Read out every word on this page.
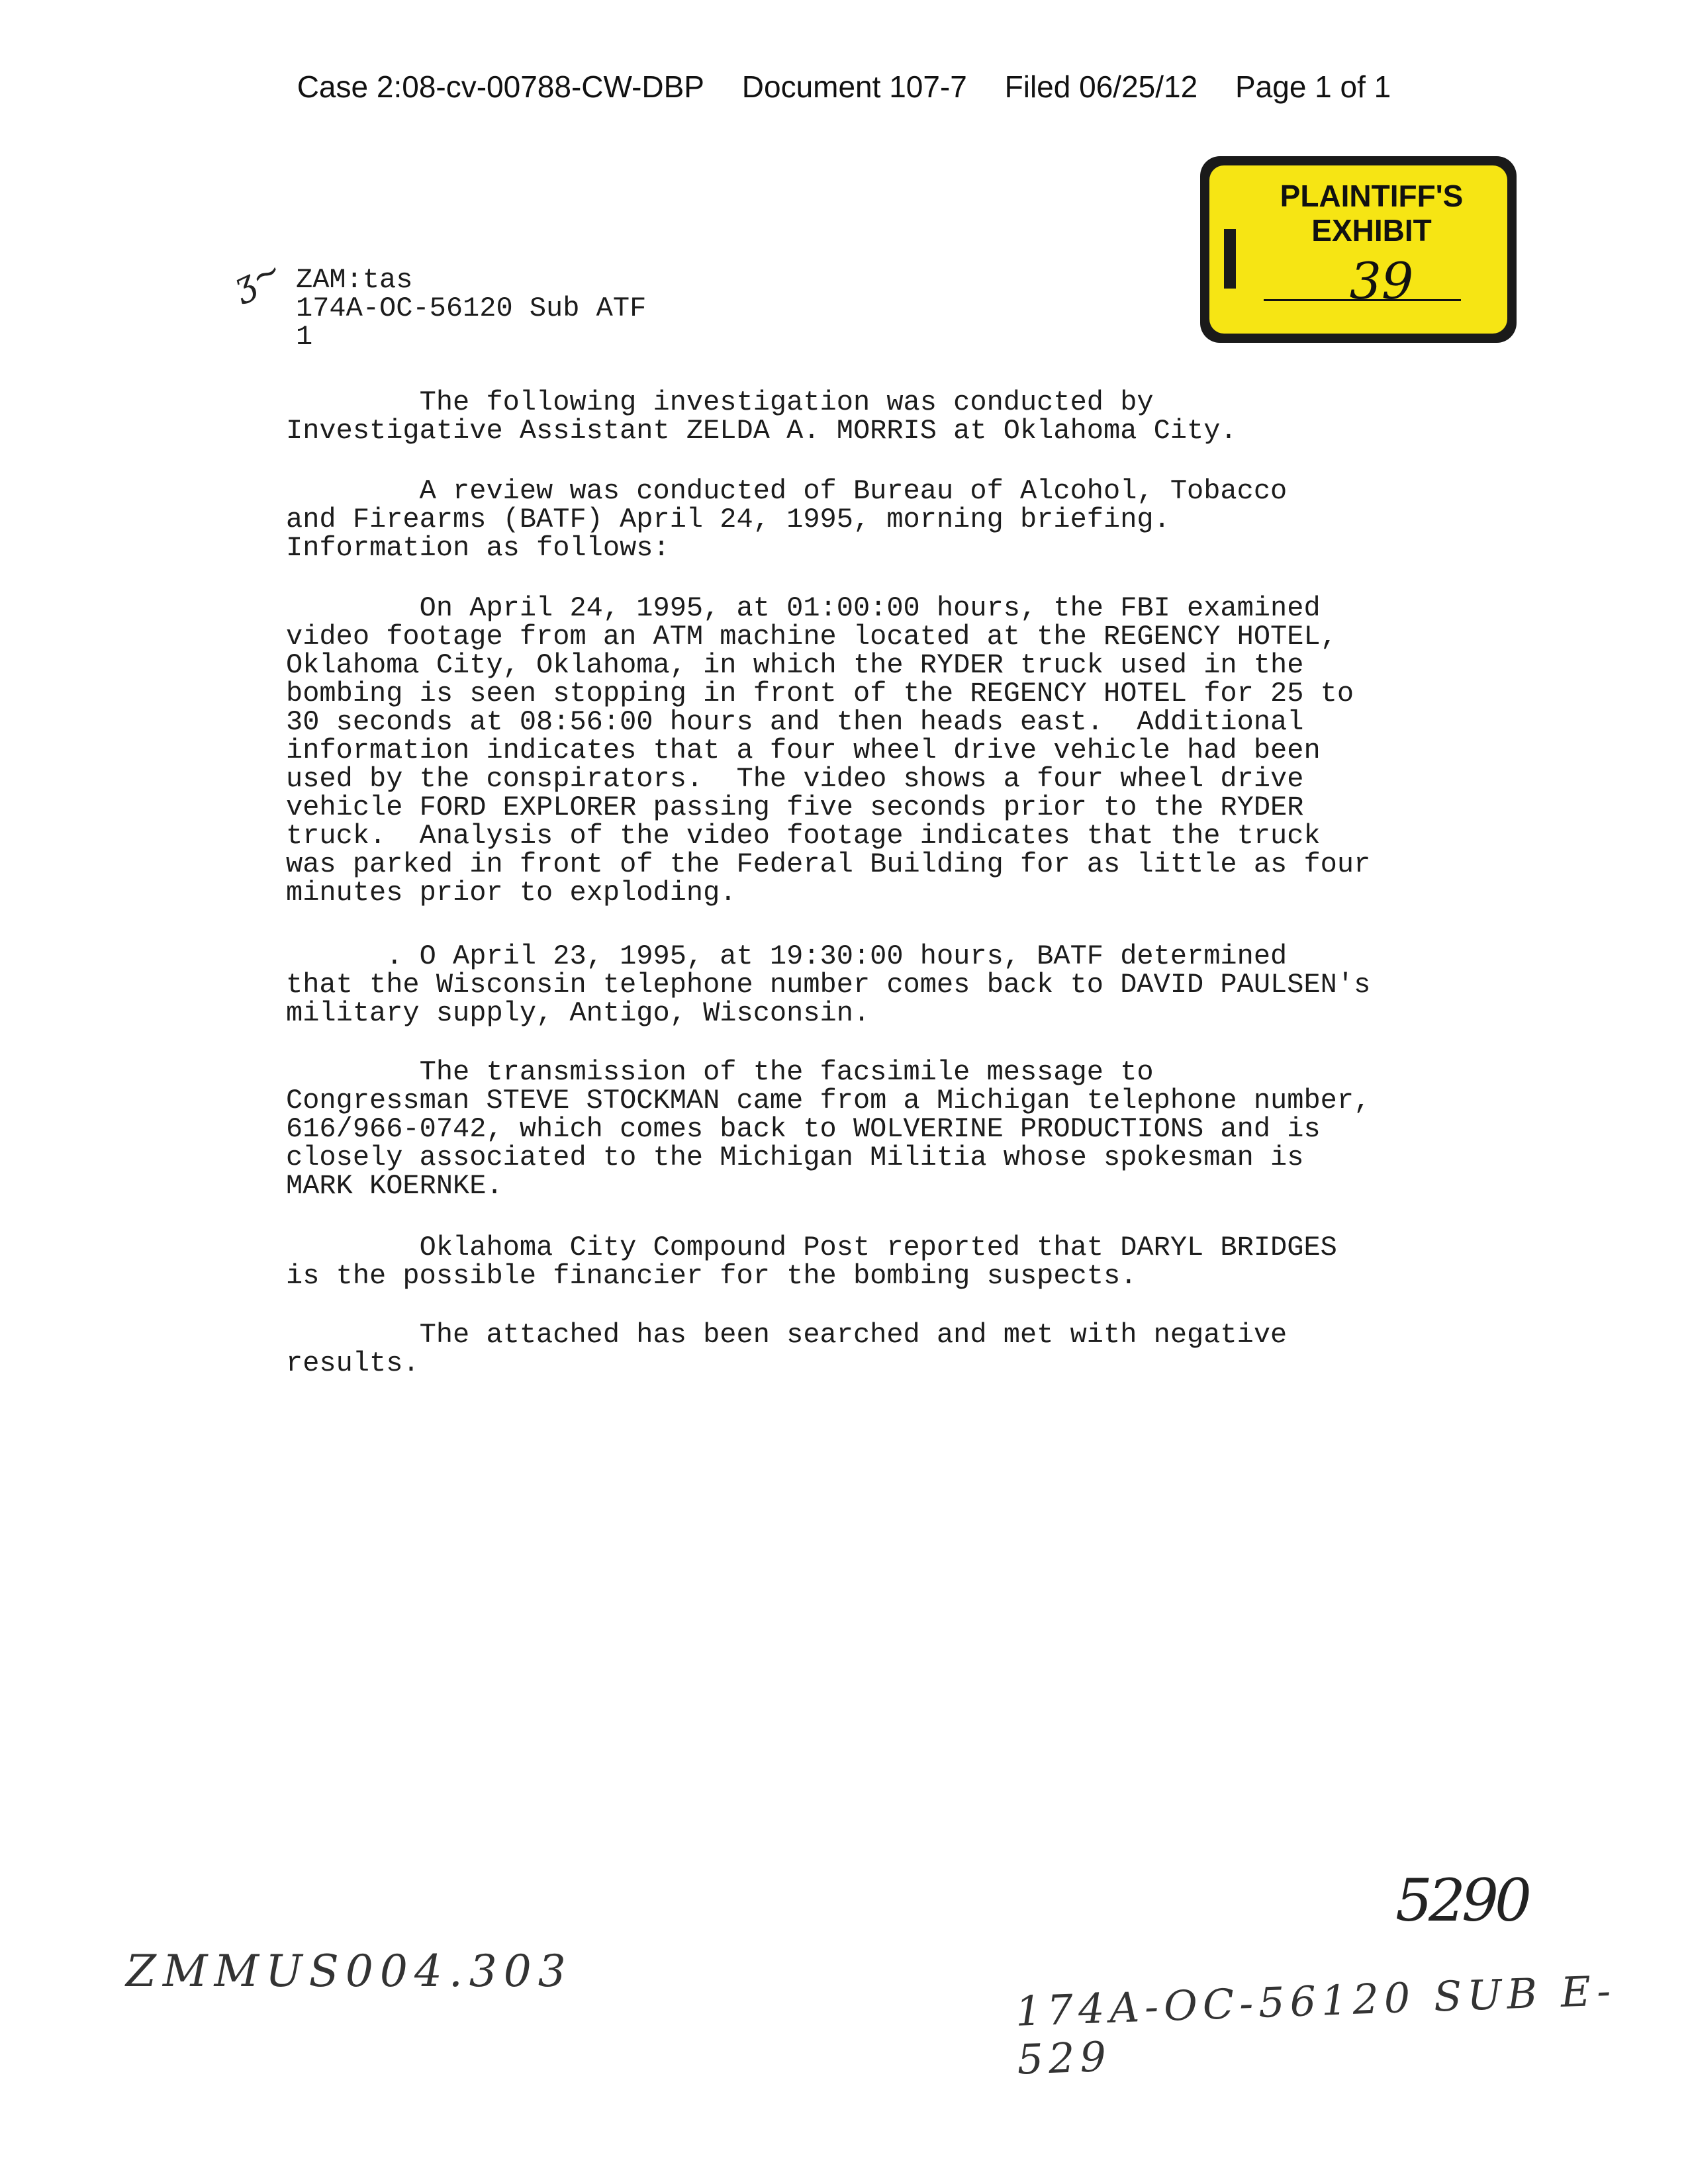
Case 2:08-cv-00788-CW-DBP Document 107-7 Filed 06/25/12 Page 1 of 1
PLAINTIFF'S
EXHIBIT
39
ʒ~ ZAM:tas
174A-OC-56120 Sub ATF
1
The following investigation was conducted by
Investigative Assistant ZELDA A. MORRIS at Oklahoma City.
A review was conducted of Bureau of Alcohol, Tobacco
and Firearms (BATF) April 24, 1995, morning briefing.
Information as follows:
On April 24, 1995, at 01:00:00 hours, the FBI examined
video footage from an ATM machine located at the REGENCY HOTEL,
Oklahoma City, Oklahoma, in which the RYDER truck used in the
bombing is seen stopping in front of the REGENCY HOTEL for 25 to
30 seconds at 08:56:00 hours and then heads east.  Additional
information indicates that a four wheel drive vehicle had been
used by the conspirators.  The video shows a four wheel drive
vehicle FORD EXPLORER passing five seconds prior to the RYDER
truck.  Analysis of the video footage indicates that the truck
was parked in front of the Federal Building for as little as four
minutes prior to exploding.
. O April 23, 1995, at 19:30:00 hours, BATF determined
that the Wisconsin telephone number comes back to DAVID PAULSEN's
military supply, Antigo, Wisconsin.
The transmission of the facsimile message to
Congressman STEVE STOCKMAN came from a Michigan telephone number,
616/966-0742, which comes back to WOLVERINE PRODUCTIONS and is
closely associated to the Michigan Militia whose spokesman is
MARK KOERNKE.
Oklahoma City Compound Post reported that DARYL BRIDGES
is the possible financier for the bombing suspects.
The attached has been searched and met with negative
results.
5290
ZMMUS004.303	174A-OC-56120 SUB E-529
